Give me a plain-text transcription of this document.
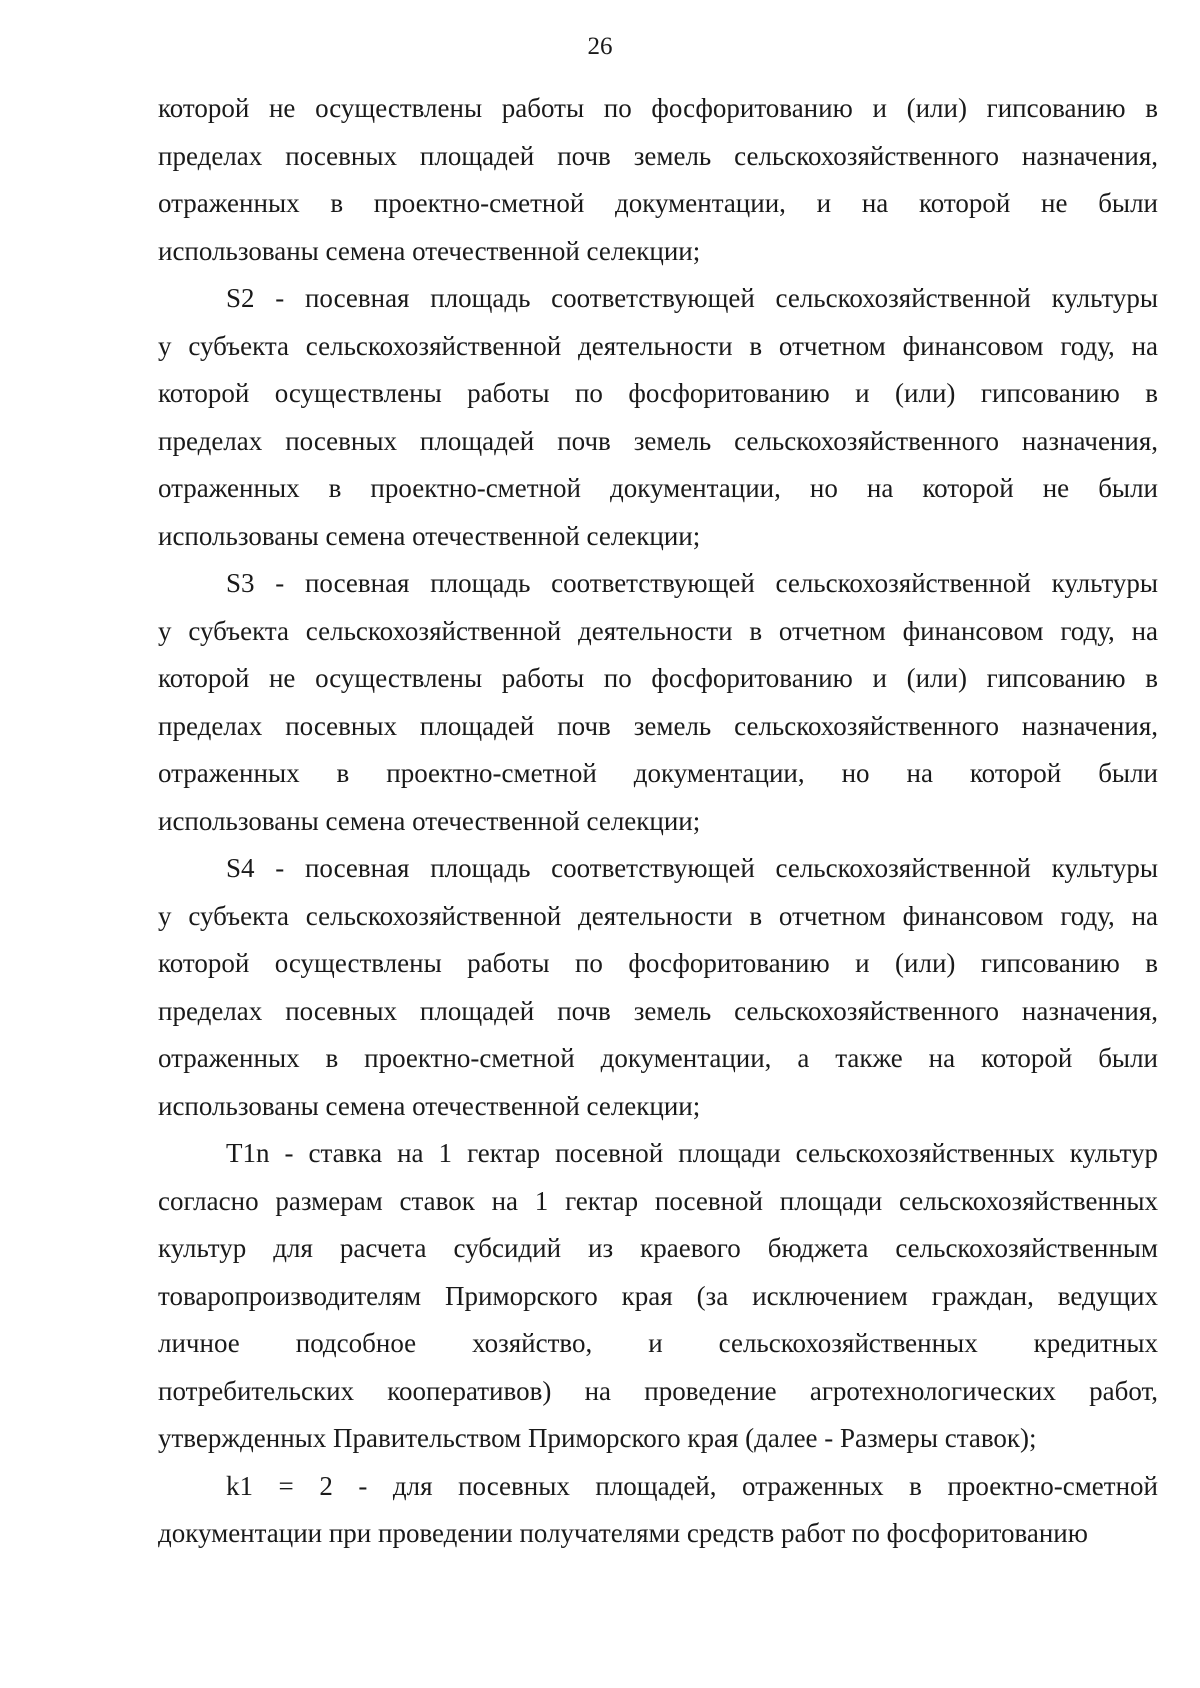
26
которой не осуществлены работы по фосфоритованию и (или) гипсованию в
пределах посевных площадей почв земель сельскохозяйственного назначения,
отраженных в проектно-сметной документации, и на которой не были
использованы семена отечественной селекции;
S2 - посевная площадь соответствующей сельскохозяйственной культуры
у субъекта сельскохозяйственной деятельности в отчетном финансовом году, на
которой осуществлены работы по фосфоритованию и (или) гипсованию в
пределах посевных площадей почв земель сельскохозяйственного назначения,
отраженных в проектно-сметной документации, но на которой не были
использованы семена отечественной селекции;
S3 - посевная площадь соответствующей сельскохозяйственной культуры
у субъекта сельскохозяйственной деятельности в отчетном финансовом году, на
которой не осуществлены работы по фосфоритованию и (или) гипсованию в
пределах посевных площадей почв земель сельскохозяйственного назначения,
отраженных в проектно-сметной документации, но на которой были
использованы семена отечественной селекции;
S4 - посевная площадь соответствующей сельскохозяйственной культуры
у субъекта сельскохозяйственной деятельности в отчетном финансовом году, на
которой осуществлены работы по фосфоритованию и (или) гипсованию в
пределах посевных площадей почв земель сельскохозяйственного назначения,
отраженных в проектно-сметной документации, а также на которой были
использованы семена отечественной селекции;
T1n - ставка на 1 гектар посевной площади сельскохозяйственных культур
согласно размерам ставок на 1 гектар посевной площади сельскохозяйственных
культур для расчета субсидий из краевого бюджета сельскохозяйственным
товаропроизводителям Приморского края (за исключением граждан, ведущих
личное подсобное хозяйство, и сельскохозяйственных кредитных
потребительских кооперативов) на проведение агротехнологических работ,
утвержденных Правительством Приморского края (далее - Размеры ставок);
k1 = 2 - для посевных площадей, отраженных в проектно-сметной
документации при проведении получателями средств работ по фосфоритованию
